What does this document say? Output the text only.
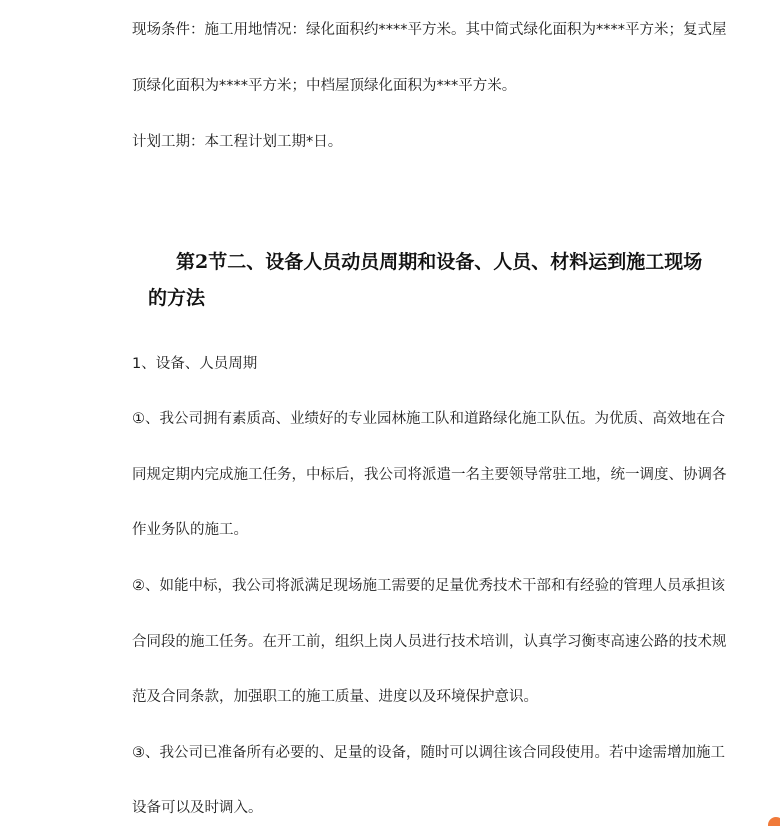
现场条件：施工用地情况：绿化面积约****平方米。其中简式绿化面积为****平方米；复式屋
顶绿化面积为****平方米；中档屋顶绿化面积为***平方米。
计划工期：本工程计划工期*日。
第2节二、设备人员动员周期和设备、人员、材料运到施工现场
的方法
1、设备、人员周期
①、我公司拥有素质高、业绩好的专业园林施工队和道路绿化施工队伍。为优质、高效地在合
同规定期内完成施工任务，中标后，我公司将派遣一名主要领导常驻工地，统一调度、协调各
作业务队的施工。
②、如能中标，我公司将派满足现场施工需要的足量优秀技术干部和有经验的管理人员承担该
合同段的施工任务。在开工前，组织上岗人员进行技术培训，认真学习衡枣高速公路的技术规
范及合同条款，加强职工的施工质量、进度以及环境保护意识。
③、我公司已准备所有必要的、足量的设备，随时可以调往该合同段使用。若中途需增加施工
设备可以及时调入。
